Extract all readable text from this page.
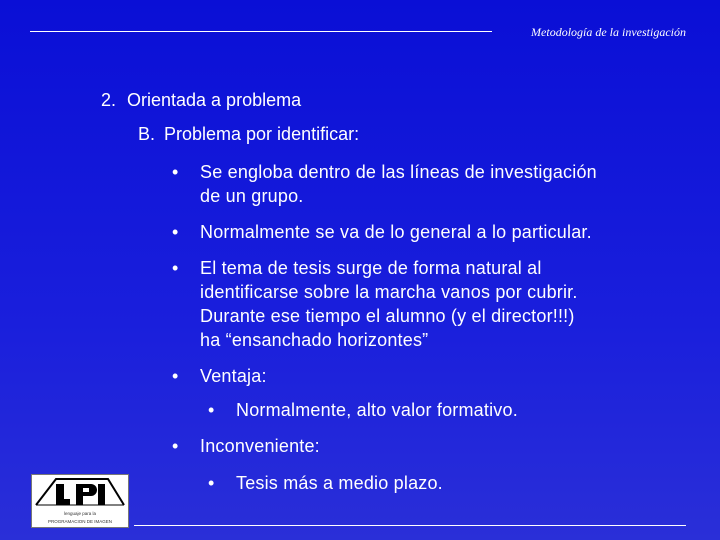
Metodología de la investigación
2. Orientada a problema
B. Problema por identificar:
• Se engloba dentro de las líneas de investigación
de un grupo.
• Normalmente se va de lo general a lo particular.
• El tema de tesis surge de forma natural al
identificarse sobre la marcha vanos por cubrir.
Durante ese tiempo el alumno (y el director!!!)
ha “ensanchado horizontes”
• Ventaja:
• Normalmente, alto valor formativo.
• Inconveniente:
• Tesis más a medio plazo.
lenguaje para la
PROGRAMACION DE IMAGEN
